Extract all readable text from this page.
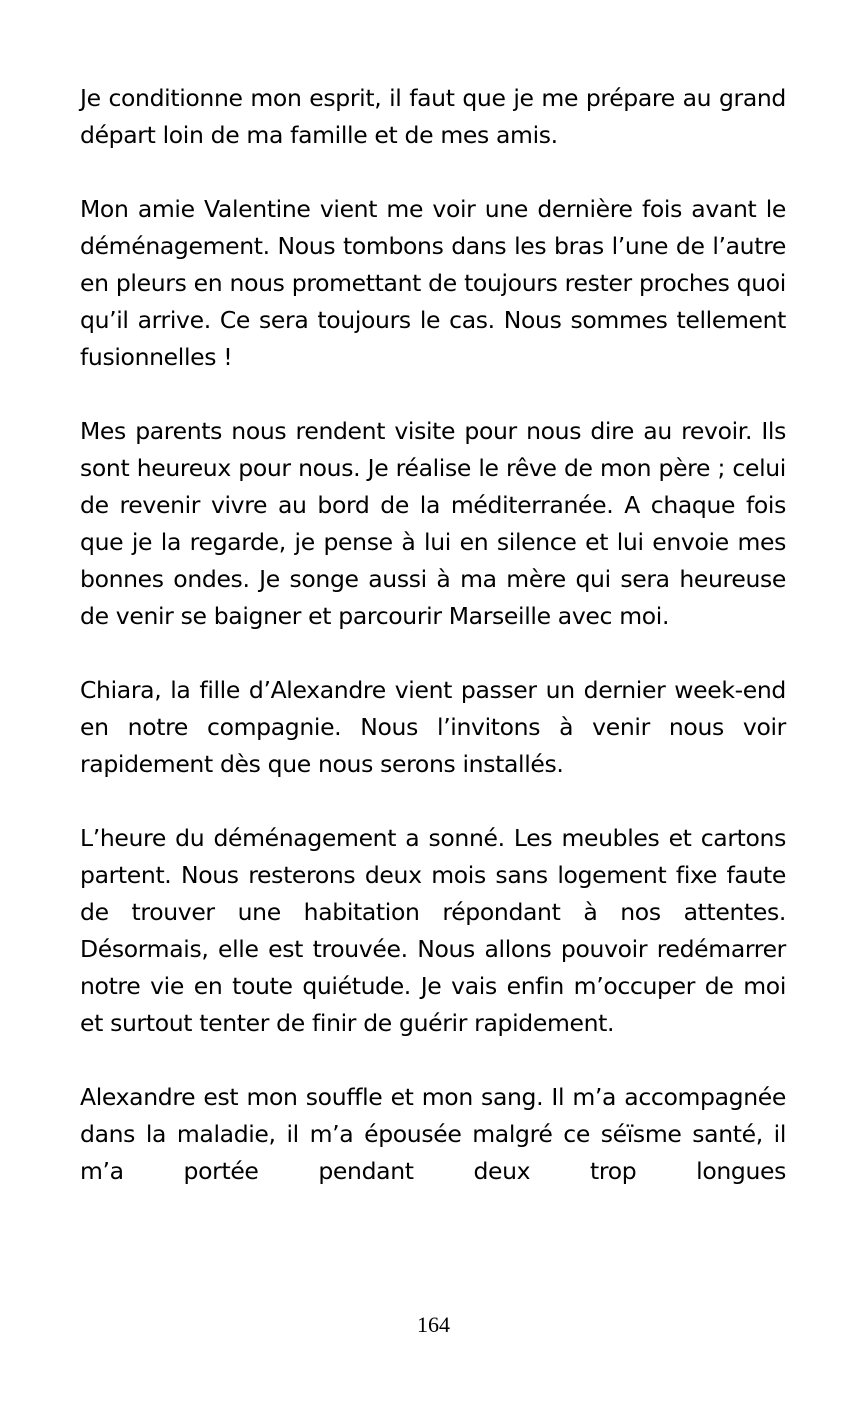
Je conditionne mon esprit, il faut que je me prépare au grand départ loin de ma famille et de mes amis.

Mon amie Valentine vient me voir une dernière fois avant le déménagement. Nous tombons dans les bras l’une de l’autre en pleurs en nous promettant de toujours rester proches quoi qu’il arrive. Ce sera toujours le cas. Nous sommes tellement fusionnelles !

Mes parents nous rendent visite pour nous dire au revoir. Ils sont heureux pour nous. Je réalise le rêve de mon père ; celui de revenir vivre au bord de la méditerranée. A chaque fois que je la regarde, je pense à lui en silence et lui envoie mes bonnes ondes. Je songe aussi à ma mère qui sera heureuse de venir se baigner et parcourir Marseille avec moi.

Chiara, la fille d’Alexandre vient passer un dernier week-end en notre compagnie. Nous l’invitons à venir nous voir rapidement dès que nous serons installés.

L’heure du déménagement a sonné. Les meubles et cartons partent. Nous resterons deux mois sans logement fixe faute de trouver une habitation répondant à nos attentes. Désormais, elle est trouvée. Nous allons pouvoir redémarrer notre vie en toute quiétude. Je vais enfin m’occuper de moi et surtout tenter de finir de guérir rapidement.

Alexandre est mon souffle et mon sang. Il m’a accompagnée dans la maladie, il m’a épousée malgré ce séïsme santé, il m’a portée pendant deux trop longues

164
